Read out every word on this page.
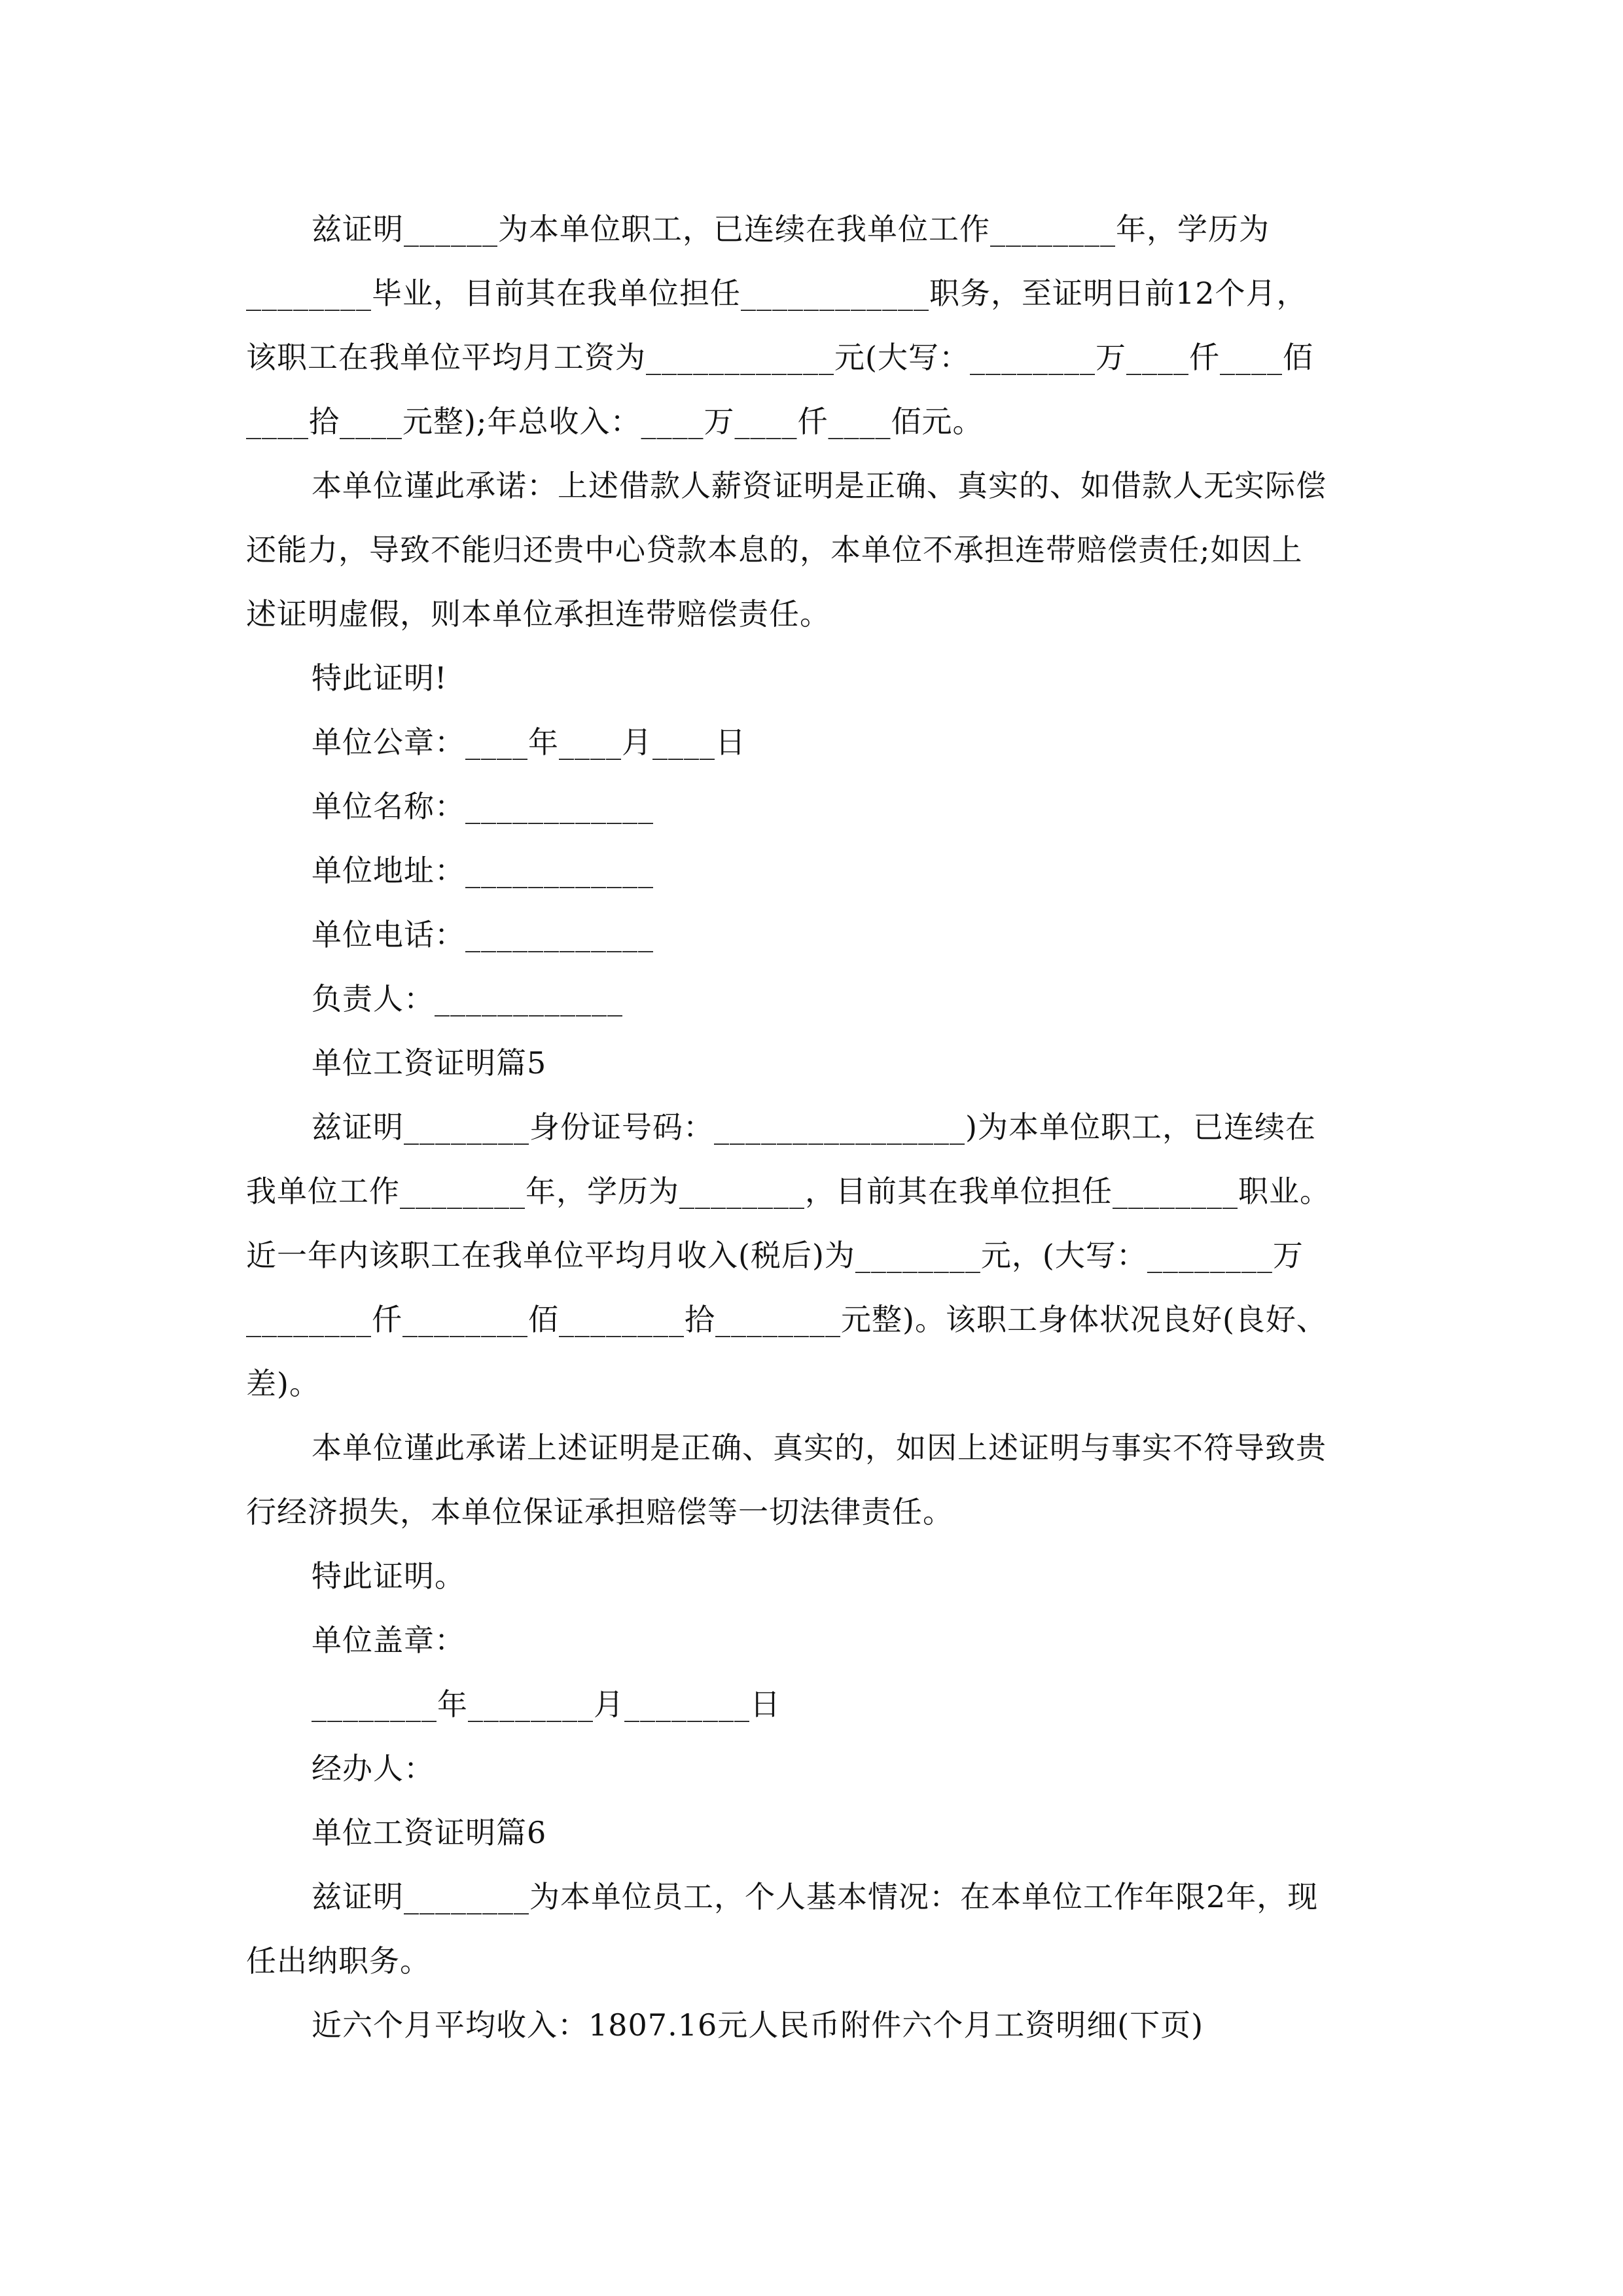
兹证明______为本单位职工，已连续在我单位工作________年，学历为
________毕业，目前其在我单位担任____________职务，至证明日前12个月，
该职工在我单位平均月工资为____________元(大写：________万____仟____佰
____拾____元整);年总收入：____万____仟____佰元。
本单位谨此承诺：上述借款人薪资证明是正确、真实的、如借款人无实际偿
还能力，导致不能归还贵中心贷款本息的，本单位不承担连带赔偿责任;如因上
述证明虚假，则本单位承担连带赔偿责任。
特此证明!
单位公章：____年____月____日
单位名称：____________
单位地址：____________
单位电话：____________
负责人：____________
单位工资证明篇5
兹证明________身份证号码：________________)为本单位职工，已连续在
我单位工作________年，学历为________，目前其在我单位担任________职业。
近一年内该职工在我单位平均月收入(税后)为________元，(大写：________万
________仟________佰________拾________元整)。该职工身体状况良好(良好、
差)。
本单位谨此承诺上述证明是正确、真实的，如因上述证明与事实不符导致贵
行经济损失，本单位保证承担赔偿等一切法律责任。
特此证明。
单位盖章：
________年________月________日
经办人：
单位工资证明篇6
兹证明________为本单位员工，个人基本情况：在本单位工作年限2年，现
任出纳职务。
近六个月平均收入：1807.16元人民币附件六个月工资明细(下页)
